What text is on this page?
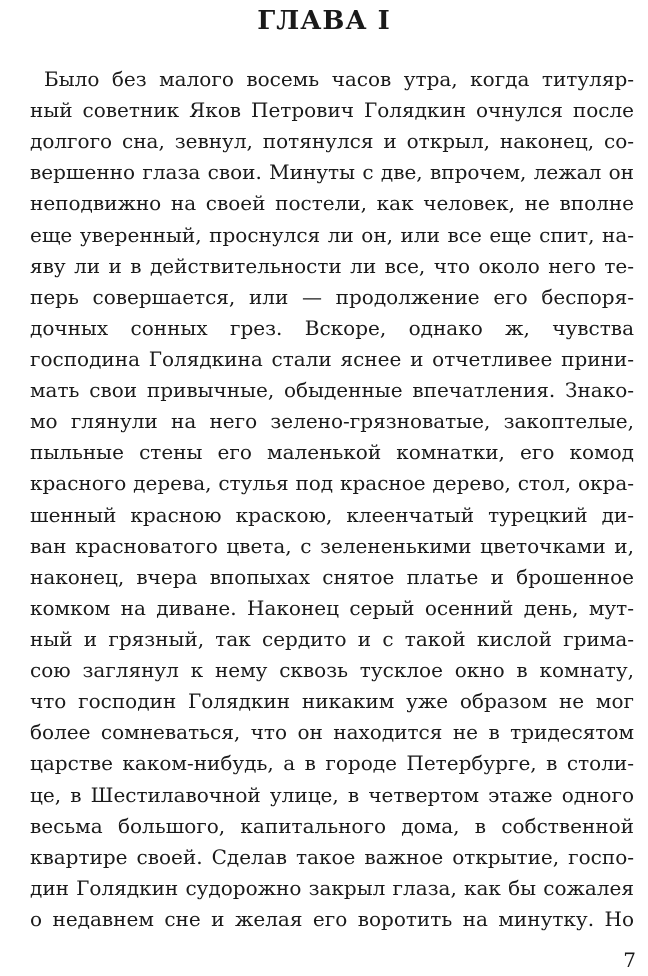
ГЛАВА I
Было без малого восемь часов утра, когда титуляр-
ный советник Яков Петрович Голядкин очнулся после
долгого сна, зевнул, потянулся и открыл, наконец, со-
вершенно глаза свои. Минуты с две, впрочем, лежал он
неподвижно на своей постели, как человек, не вполне
еще уверенный, проснулся ли он, или все еще спит, на-
яву ли и в действительности ли все, что около него те-
перь совершается, или — продолжение его беспоря-
дочных сонных грез. Вскоре, однако ж, чувства
господина Голядкина стали яснее и отчетливее прини-
мать свои привычные, обыденные впечатления. Знако-
мо глянули на него зелено-грязноватые, закоптелые,
пыльные стены его маленькой комнатки, его комод
красного дерева, стулья под красное дерево, стол, окра-
шенный красною краскою, клеенчатый турецкий ди-
ван красноватого цвета, с зелененькими цветочками и,
наконец, вчера впопыхах снятое платье и брошенное
комком на диване. Наконец серый осенний день, мут-
ный и грязный, так сердито и с такой кислой грима-
сою заглянул к нему сквозь тусклое окно в комнату,
что господин Голядкин никаким уже образом не мог
более сомневаться, что он находится не в тридесятом
царстве каком-нибудь, а в городе Петербурге, в столи-
це, в Шестилавочной улице, в четвертом этаже одного
весьма большого, капитального дома, в собственной
квартире своей. Сделав такое важное открытие, госпо-
дин Голядкин судорожно закрыл глаза, как бы сожалея
о недавнем сне и желая его воротить на минутку. Но
7
